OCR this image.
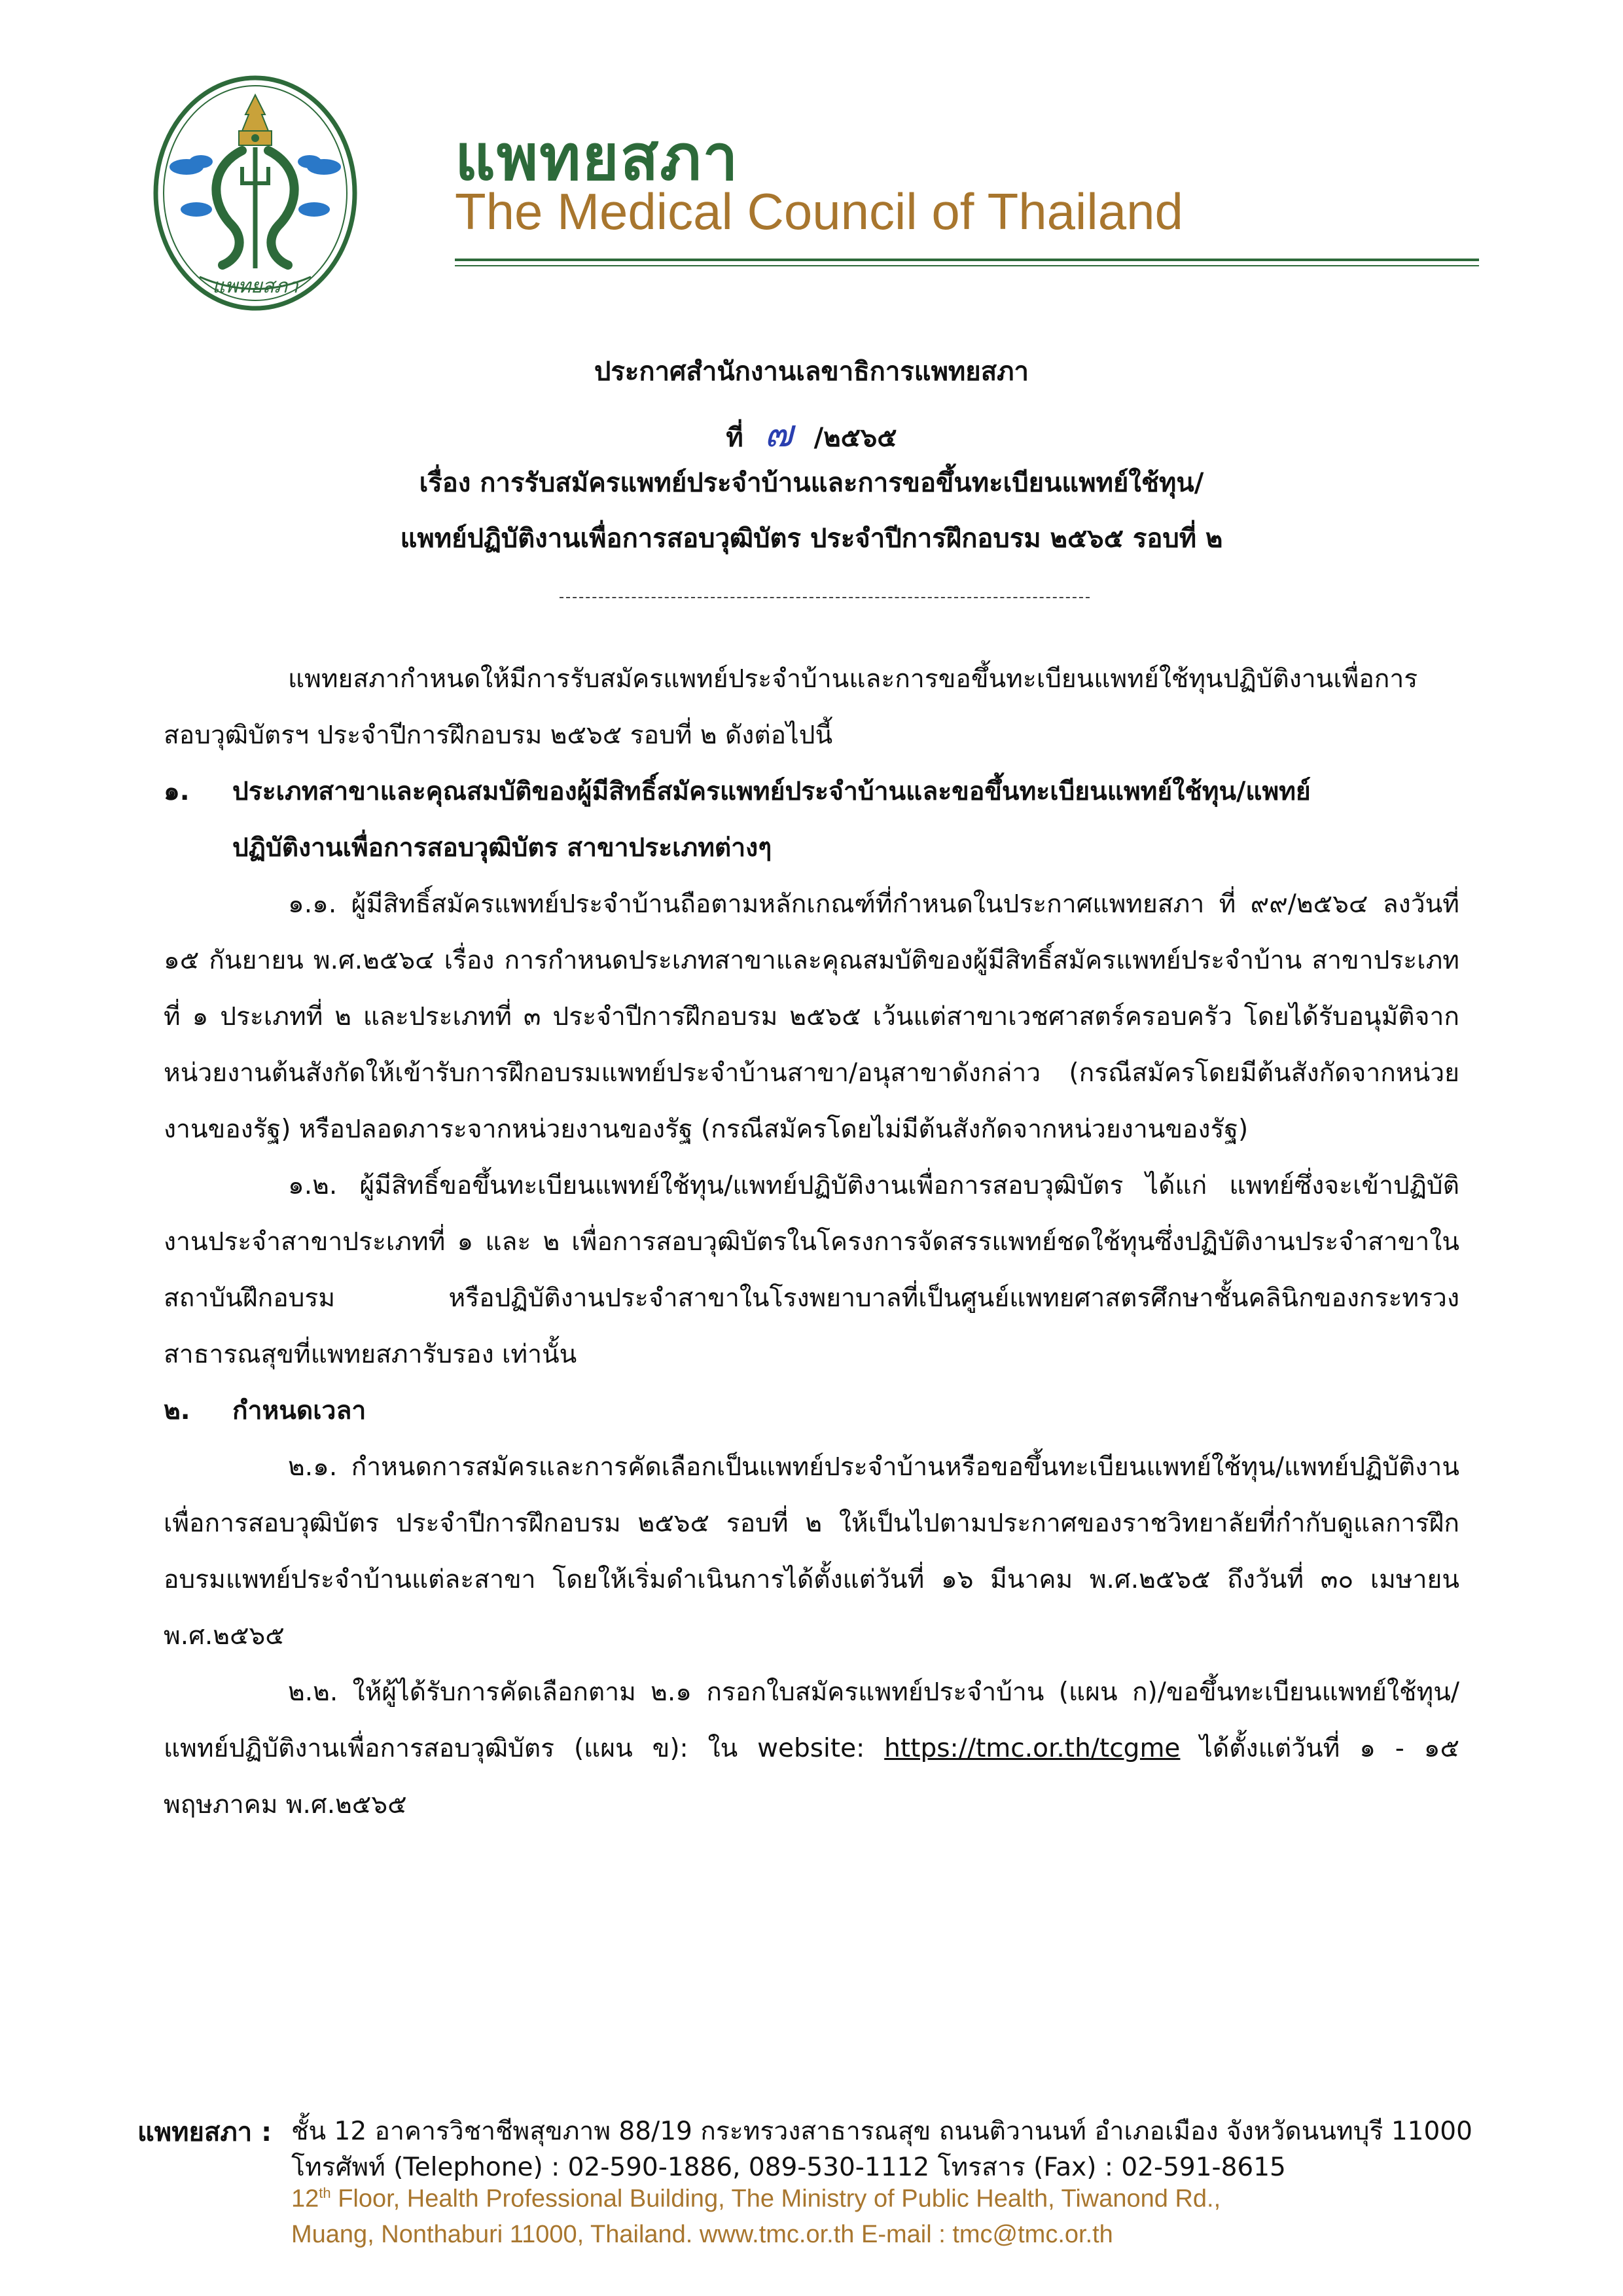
แพทยสภา
แพทยสภา
The Medical Council of Thailand
ประกาศสำนักงานเลขาธิการแพทยสภา
ที่ ๗ /๒๕๖๕
เรื่อง การรับสมัครแพทย์ประจำบ้านและการขอขึ้นทะเบียนแพทย์ใช้ทุน/
แพทย์ปฏิบัติงานเพื่อการสอบวุฒิบัตร ประจำปีการฝึกอบรม ๒๕๖๕ รอบที่ ๒

แพทยสภากำหนดให้มีการรับสมัครแพทย์ประจำบ้านและการขอขึ้นทะเบียนแพทย์ใช้ทุนปฏิบัติงานเพื่อการสอบวุฒิบัตรฯ ประจำปีการฝึกอบรม ๒๕๖๕ รอบที่ ๒ ดังต่อไปนี้

๑.	ประเภทสาขาและคุณสมบัติของผู้มีสิทธิ์สมัครแพทย์ประจำบ้านและขอขึ้นทะเบียนแพทย์ใช้ทุน/แพทย์
ปฏิบัติงานเพื่อการสอบวุฒิบัตร สาขาประเภทต่างๆ

๑.๑. ผู้มีสิทธิ์สมัครแพทย์ประจำบ้านถือตามหลักเกณฑ์ที่กำหนดในประกาศแพทยสภา ที่ ๙๙/๒๕๖๔ ลงวันที่ ๑๕ กันยายน พ.ศ.๒๕๖๔ เรื่อง การกำหนดประเภทสาขาและคุณสมบัติของผู้มีสิทธิ์สมัครแพทย์ประจำบ้าน สาขาประเภทที่ ๑ ประเภทที่ ๒ และประเภทที่ ๓ ประจำปีการฝึกอบรม ๒๕๖๕ เว้นแต่สาขาเวชศาสตร์ครอบครัว โดยได้รับอนุมัติจากหน่วยงานต้นสังกัดให้เข้ารับการฝึกอบรมแพทย์ประจำบ้านสาขา/อนุสาขาดังกล่าว (กรณีสมัครโดยมีต้นสังกัดจากหน่วยงานของรัฐ) หรือปลอดภาระจากหน่วยงานของรัฐ (กรณีสมัครโดยไม่มีต้นสังกัดจากหน่วยงานของรัฐ)

๑.๒. ผู้มีสิทธิ์ขอขึ้นทะเบียนแพทย์ใช้ทุน/แพทย์ปฏิบัติงานเพื่อการสอบวุฒิบัตร ได้แก่ แพทย์ซึ่งจะเข้าปฏิบัติงานประจำสาขาประเภทที่ ๑ และ ๒ เพื่อการสอบวุฒิบัตรในโครงการจัดสรรแพทย์ชดใช้ทุนซึ่งปฏิบัติงานประจำสาขาในสถาบันฝึกอบรม หรือปฏิบัติงานประจำสาขาในโรงพยาบาลที่เป็นศูนย์แพทยศาสตรศึกษาชั้นคลินิกของกระทรวงสาธารณสุขที่แพทยสภารับรอง เท่านั้น

๒.	กำหนดเวลา

๒.๑. กำหนดการสมัครและการคัดเลือกเป็นแพทย์ประจำบ้านหรือขอขึ้นทะเบียนแพทย์ใช้ทุน/แพทย์ปฏิบัติงานเพื่อการสอบวุฒิบัตร ประจำปีการฝึกอบรม ๒๕๖๕ รอบที่ ๒ ให้เป็นไปตามประกาศของราชวิทยาลัยที่กำกับดูแลการฝึกอบรมแพทย์ประจำบ้านแต่ละสาขา โดยให้เริ่มดำเนินการได้ตั้งแต่วันที่ ๑๖ มีนาคม พ.ศ.๒๕๖๕ ถึงวันที่ ๓๐ เมษายน พ.ศ.๒๕๖๕

๒.๒. ให้ผู้ได้รับการคัดเลือกตาม ๒.๑ กรอกใบสมัครแพทย์ประจำบ้าน (แผน ก)/ขอขึ้นทะเบียนแพทย์ใช้ทุน/แพทย์ปฏิบัติงานเพื่อการสอบวุฒิบัตร (แผน ข): ใน website: https://tmc.or.th/tcgme ได้ตั้งแต่วันที่ ๑ - ๑๕ พฤษภาคม พ.ศ.๒๕๖๕

แพทยสภา : ชั้น 12 อาคารวิชาชีพสุขภาพ 88/19 กระทรวงสาธารณสุข ถนนติวานนท์ อำเภอเมือง จังหวัดนนทบุรี 11000
โทรศัพท์ (Telephone) : 02-590-1886, 089-530-1112 โทรสาร (Fax) : 02-591-8615
12th Floor, Health Professional Building, The Ministry of Public Health, Tiwanond Rd.,
Muang, Nonthaburi 11000, Thailand. www.tmc.or.th E-mail : tmc@tmc.or.th
